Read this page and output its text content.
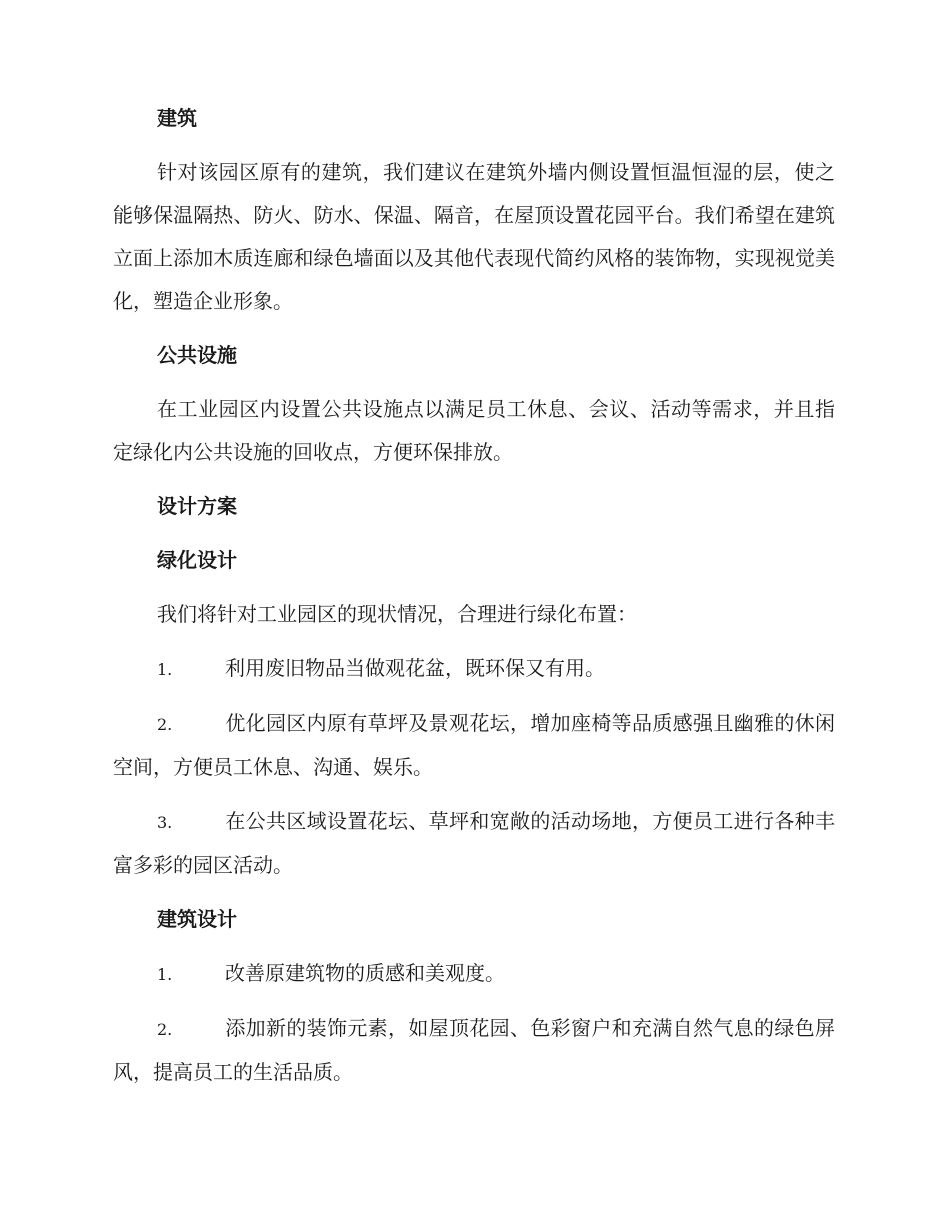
建筑

针对该园区原有的建筑，我们建议在建筑外墙内侧设置恒温恒湿的层，使之能够保温隔热、防火、防水、保温、隔音，在屋顶设置花园平台。我们希望在建筑立面上添加木质连廊和绿色墙面以及其他代表现代简约风格的装饰物，实现视觉美化，塑造企业形象。

公共设施

在工业园区内设置公共设施点以满足员工休息、会议、活动等需求，并且指定绿化内公共设施的回收点，方便环保排放。

设计方案
绿化设计

我们将针对工业园区的现状情况，合理进行绿化布置：

1.	利用废旧物品当做观花盆，既环保又有用。

2.	优化园区内原有草坪及景观花坛，增加座椅等品质感强且幽雅的休闲空间，方便员工休息、沟通、娱乐。

3.	在公共区域设置花坛、草坪和宽敞的活动场地，方便员工进行各种丰富多彩的园区活动。

建筑设计

1.	改善原建筑物的质感和美观度。

2.	添加新的装饰元素，如屋顶花园、色彩窗户和充满自然气息的绿色屏风，提高员工的生活品质。
